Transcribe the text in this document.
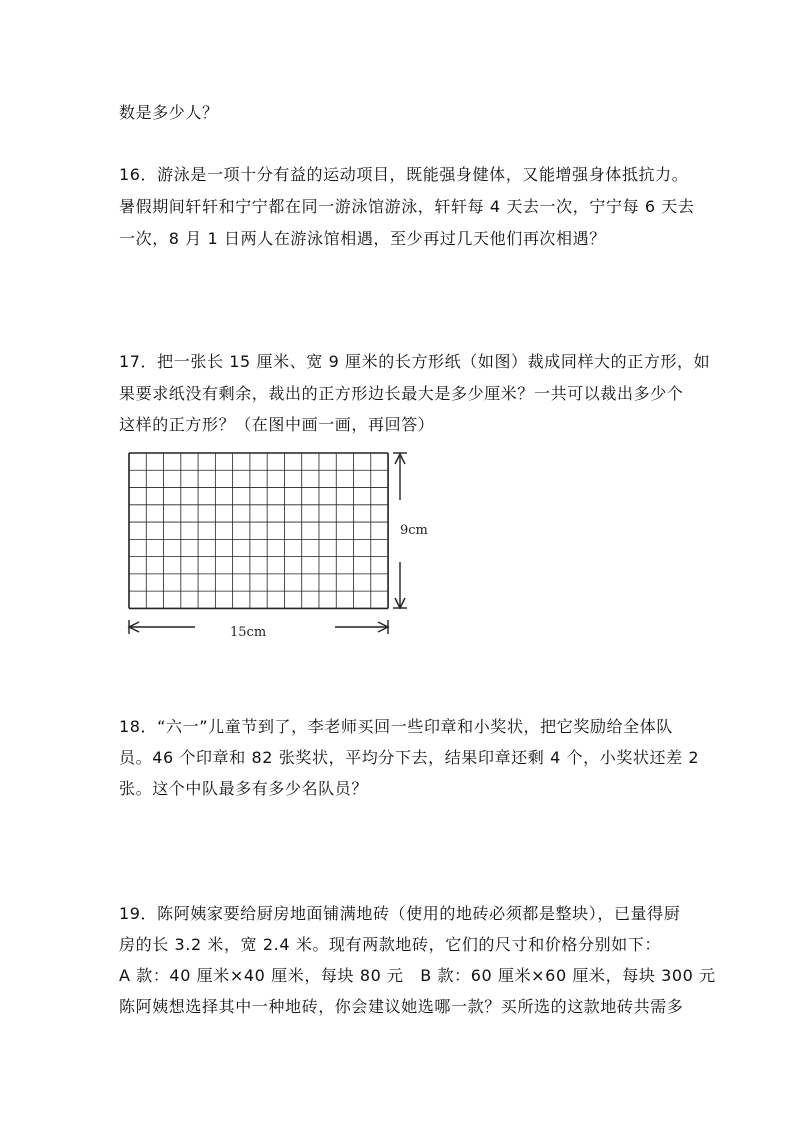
数是多少人？
16．游泳是一项十分有益的运动项目，既能强身健体，又能增强身体抵抗力。
暑假期间轩轩和宁宁都在同一游泳馆游泳，轩轩每 4 天去一次，宁宁每 6 天去
一次，8 月 1 日两人在游泳馆相遇，至少再过几天他们再次相遇？
17．把一张长 15 厘米、宽 9 厘米的长方形纸（如图）裁成同样大的正方形，如
果要求纸没有剩余，裁出的正方形边长最大是多少厘米？一共可以裁出多少个
这样的正方形？（在图中画一画，再回答）
9cm
15cm
18．“六一”儿童节到了，李老师买回一些印章和小奖状，把它奖励给全体队
员。46 个印章和 82 张奖状，平均分下去，结果印章还剩 4 个，小奖状还差 2
张。这个中队最多有多少名队员？
19．陈阿姨家要给厨房地面铺满地砖（使用的地砖必须都是整块），已量得厨
房的长 3.2 米，宽 2.4 米。现有两款地砖，它们的尺寸和价格分别如下：
A 款：40 厘米×40 厘米，每块 80 元　B 款：60 厘米×60 厘米，每块 300 元
陈阿姨想选择其中一种地砖，你会建议她选哪一款？买所选的这款地砖共需多
